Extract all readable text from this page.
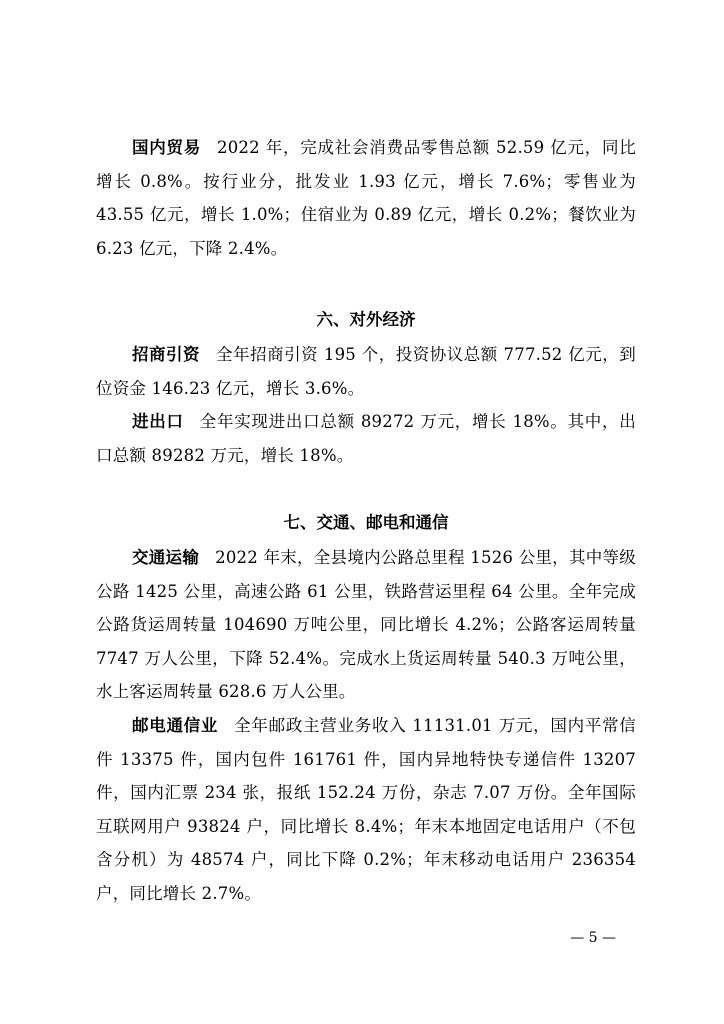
国内贸易 2022 年，完成社会消费品零售总额 52.59 亿元，同比增长 0.8%。按行业分，批发业 1.93 亿元，增长 7.6%；零售业为 43.55 亿元，增长 1.0%；住宿业为 0.89 亿元，增长 0.2%；餐饮业为 6.23 亿元，下降 2.4%。

六、对外经济

招商引资 全年招商引资 195 个，投资协议总额 777.52 亿元，到位资金 146.23 亿元，增长 3.6%。

进出口 全年实现进出口总额 89272 万元，增长 18%。其中，出口总额 89282 万元，增长 18%。

七、交通、邮电和通信

交通运输 2022 年末，全县境内公路总里程 1526 公里，其中等级公路 1425 公里，高速公路 61 公里，铁路营运里程 64 公里。全年完成公路货运周转量 104690 万吨公里，同比增长 4.2%；公路客运周转量 7747 万人公里，下降 52.4%。完成水上货运周转量 540.3 万吨公里，水上客运周转量 628.6 万人公里。

邮电通信业 全年邮政主营业务收入 11131.01 万元，国内平常信件 13375 件，国内包件 161761 件，国内异地特快专递信件 13207 件，国内汇票 234 张，报纸 152.24 万份，杂志 7.07 万份。全年国际互联网用户 93824 户，同比增长 8.4%；年末本地固定电话用户（不包含分机）为 48574 户，同比下降 0.2%；年末移动电话用户 236354 户，同比增长 2.7%。

— 5 —
